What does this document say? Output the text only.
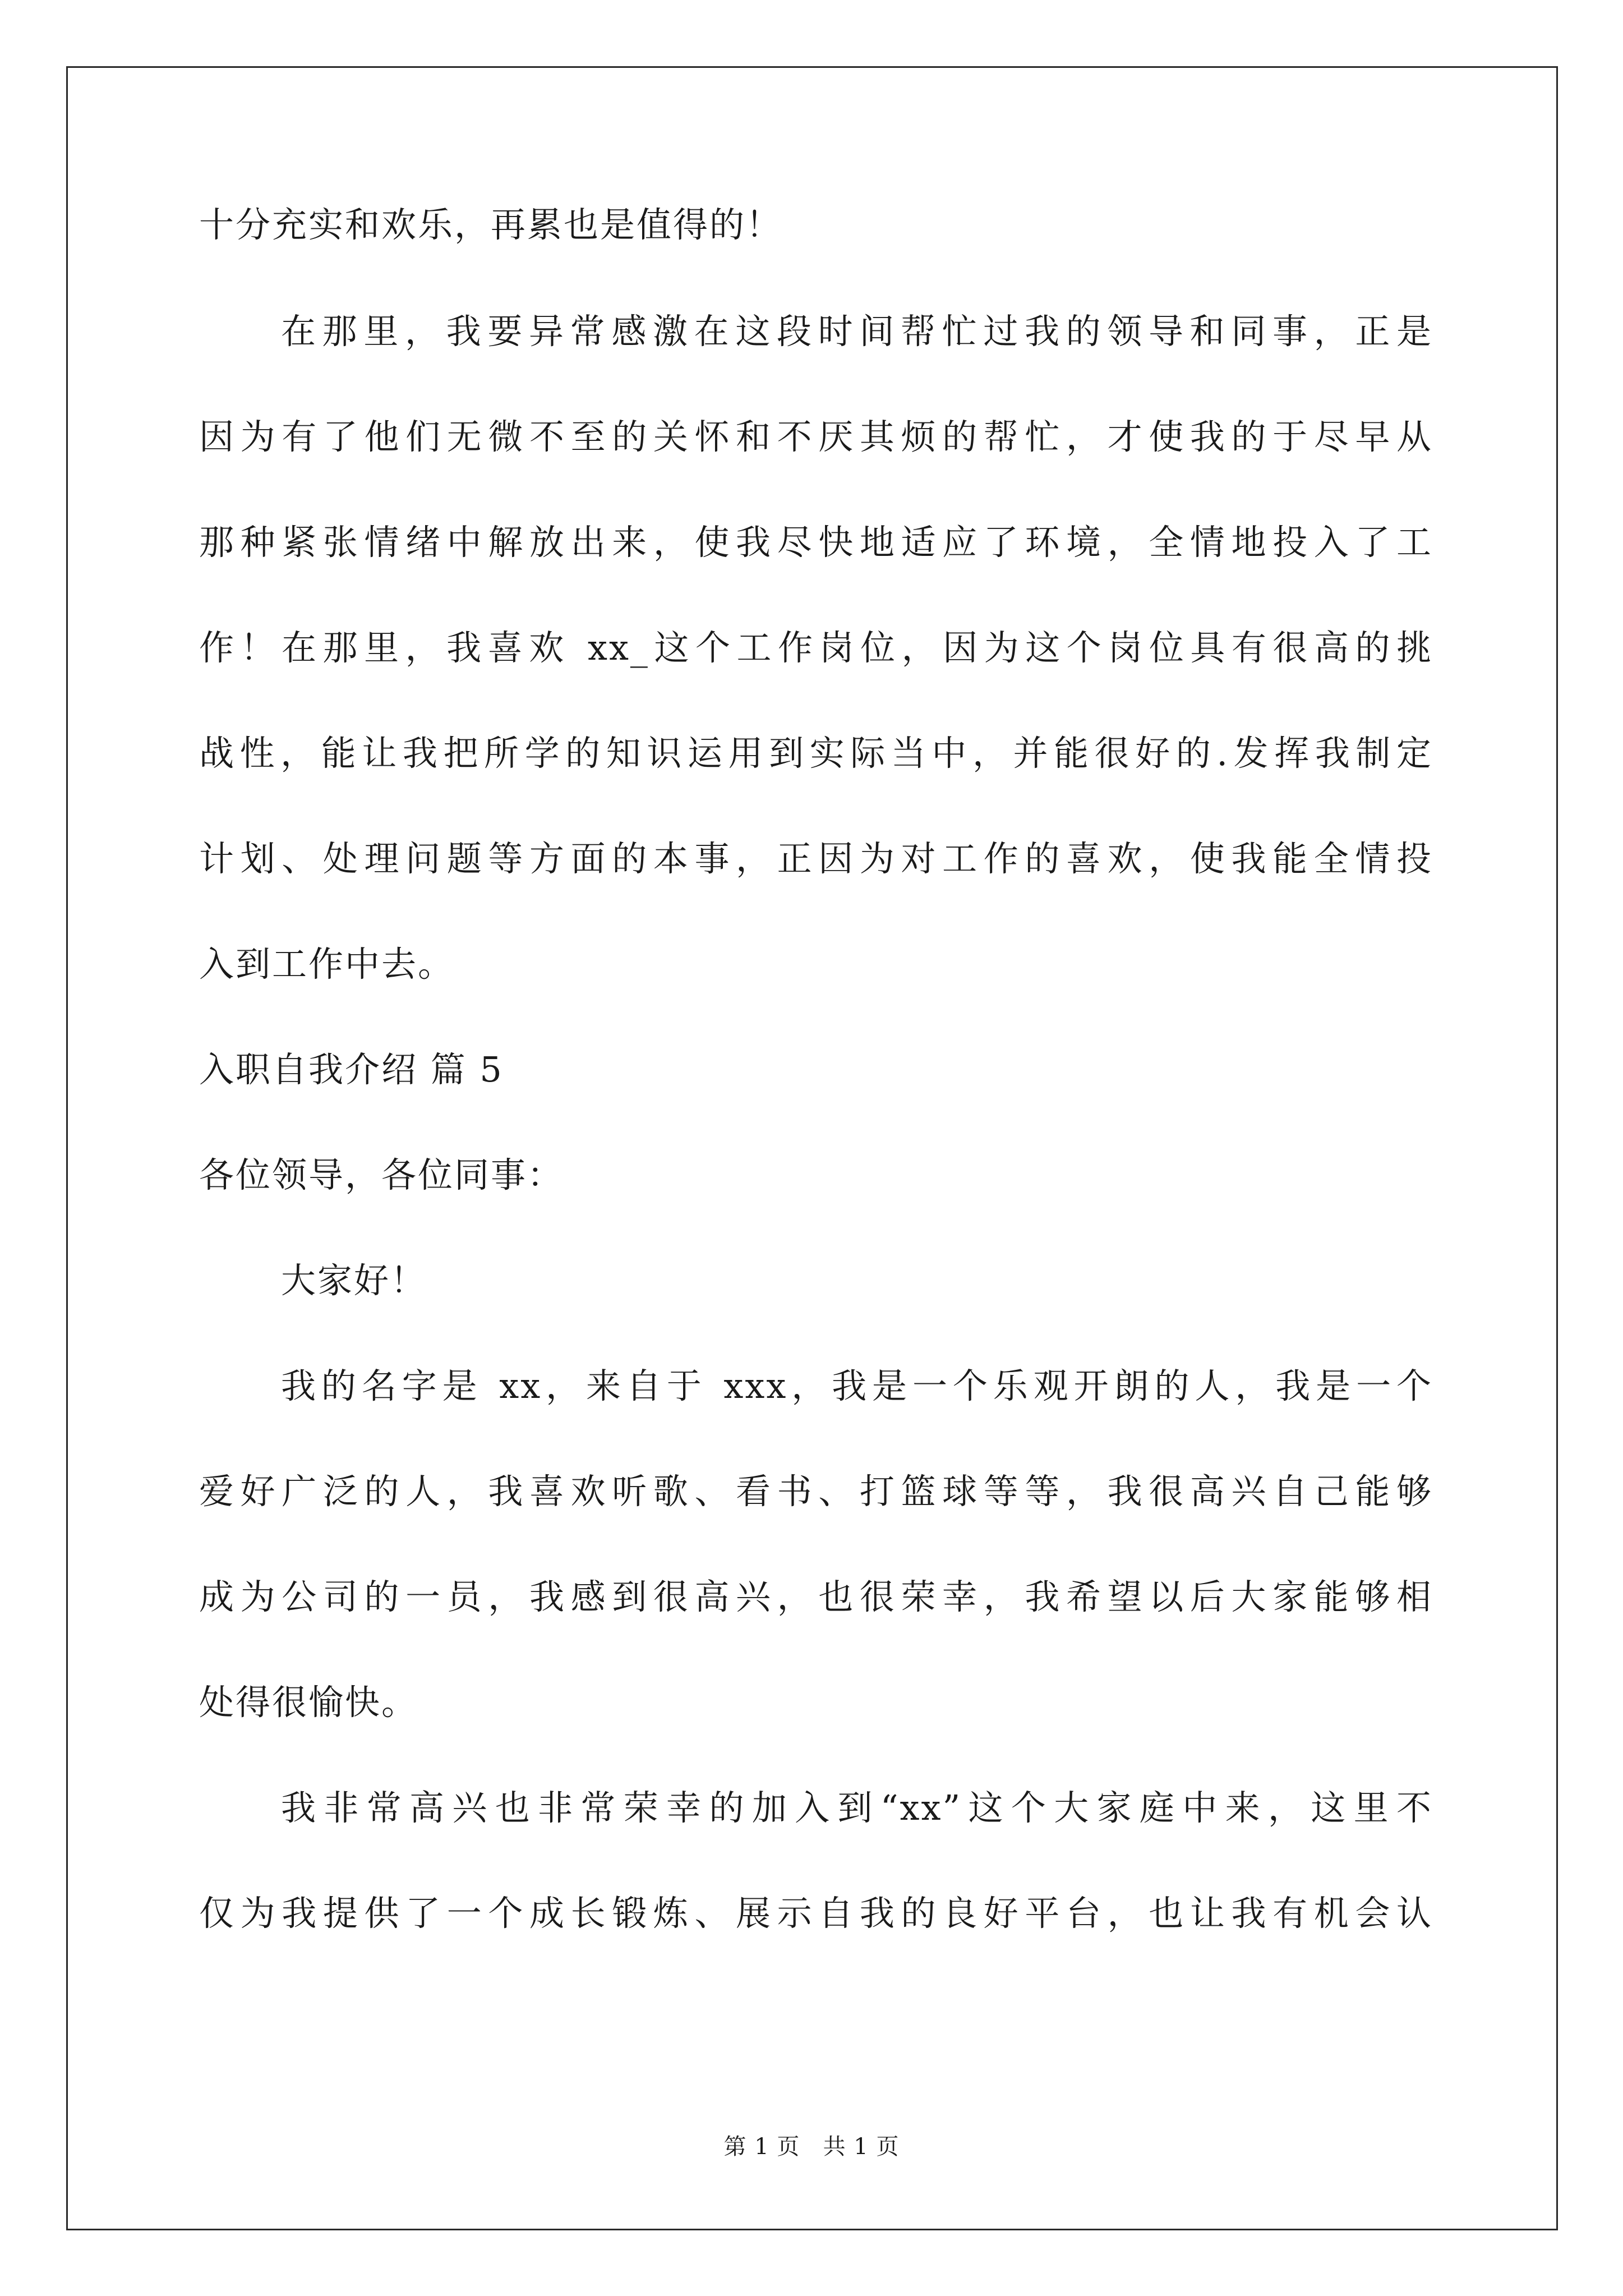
十分充实和欢乐，再累也是值得的！
在那里，我要异常感激在这段时间帮忙过我的领导和同事，正是
因为有了他们无微不至的关怀和不厌其烦的帮忙，才使我的于尽早从
那种紧张情绪中解放出来，使我尽快地适应了环境，全情地投入了工
作！在那里，我喜欢 xx_这个工作岗位，因为这个岗位具有很高的挑
战性，能让我把所学的知识运用到实际当中，并能很好的.发挥我制定
计划、处理问题等方面的本事，正因为对工作的喜欢，使我能全情投
入到工作中去。
入职自我介绍 篇 5
各位领导，各位同事：
大家好！
我的名字是 xx，来自于 xxx，我是一个乐观开朗的人，我是一个
爱好广泛的人，我喜欢听歌、看书、打篮球等等，我很高兴自己能够
成为公司的一员，我感到很高兴，也很荣幸，我希望以后大家能够相
处得很愉快。
我非常高兴也非常荣幸的加入到“xx”这个大家庭中来，这里不
仅为我提供了一个成长锻炼、展示自我的良好平台，也让我有机会认
第 1 页   共 1 页
